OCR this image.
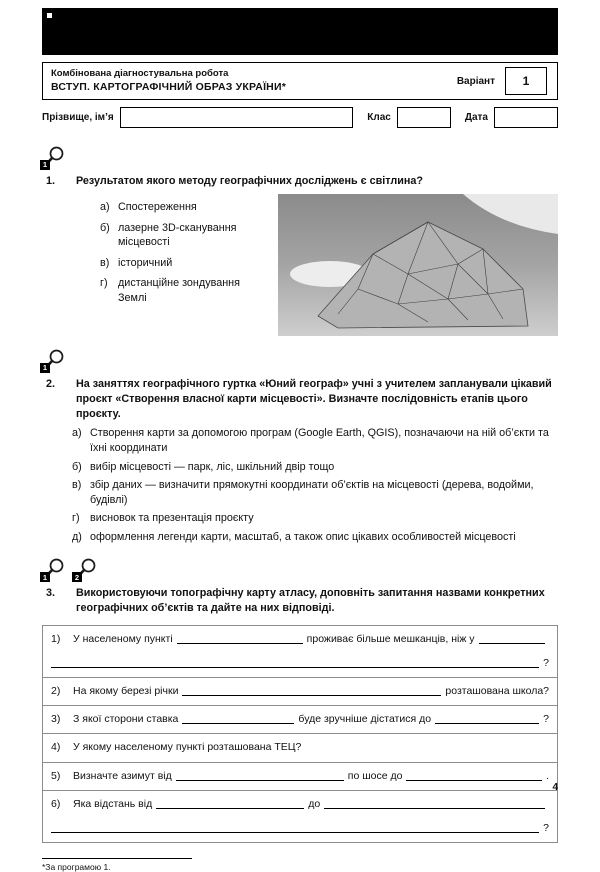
Комбінована діагностувальна робота
ВСТУП. КАРТОГРАФІЧНИЙ ОБРАЗ УКРАЇНИ*
Варіант	1
Прізвище, ім’я	Клас	Дата
1
1.	Результатом якого методу географічних досліджень є світлина?
а) Спостереження
б) лазерне 3D-сканування місцевості
в) історичний
г) дистанційне зондування Землі
1
2.	На заняттях географічного гуртка «Юний географ» учні з учителем запланували цікавий проєкт «Створення власної карти місцевості». Визначте послідовність етапів цього проєкту.
а) Створення карти за допомогою програм (Google Earth, QGIS), позначаючи на ній об’єкти та їхні координати
б) вибір місцевості — парк, ліс, шкільний двір тощо
в) збір даних — визначити прямокутні координати об’єктів на місцевості (дерева, водойми, будівлі)
г) висновок та презентація проєкту
д) оформлення легенди карти, масштаб, а також опис цікавих особливостей місцевості
1	2
3.	Використовуючи топографічну карту атласу, доповніть запитання назвами конкретних географічних об’єктів та дайте на них відповіді.
1)	У населеному пункті	проживає більше мешканців, ніж у
?
2)	На якому березі річки	розташована школа?
3)	З якої сторони ставка	буде зручніше дістатися до	?
4)	У якому населеному пункті розташована ТЕЦ?
5)	Визначте азимут від	по шосе до	.
6)	Яка відстань від	до
?
*За програмою 1.
4
